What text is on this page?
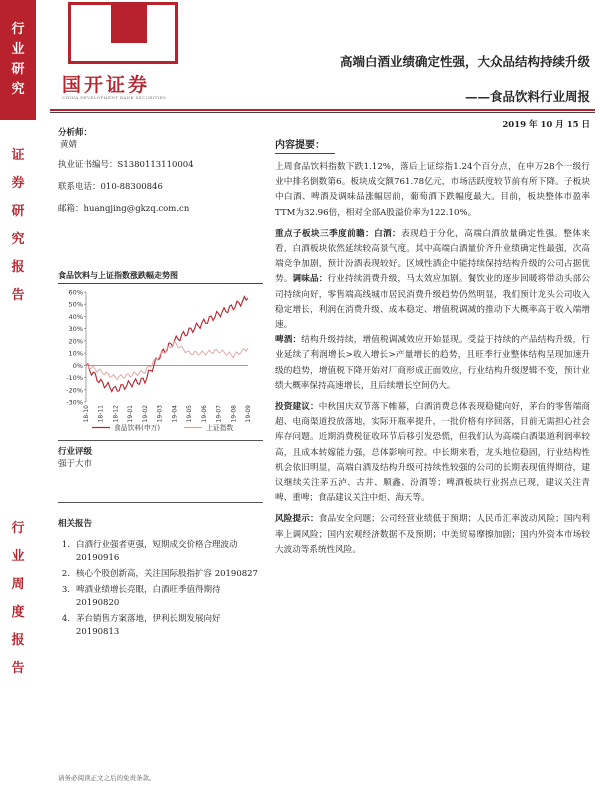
行
业
研
究
证
券
研
究
报
告
行
业
周
度
报
告
国开证券
CHINA DEVELOPMENT BANK SECURITIES
高端白酒业绩确定性强，大众品结构持续升级
——食品饮料行业周报
分析师：
黄婧
执业证书编号：S1380113110004
联系电话：010-88300846
邮箱：huangjing@gkzq.com.cn
食品饮料与上证指数涨跌幅走势图
60%
50%
40%
30%
20%
10%
0%
-10%
-20%
-30%
18-10 18-11 18-12 19-01 19-02 19-03 19-04 19-05 19-06 19-07 19-08 19-09
食品饮料(申万)	上证指数
行业评级
强于大市
相关报告
1. 白酒行业强者更强，短期成交价格合理波动 20190916
2. 核心个股创新高，关注国际股指扩容 20190827
3. 啤酒业绩增长亮眼，白酒旺季值得期待 20190820
4. 茅台销售方案落地，伊利长期发展向好 20190813
2019 年 10 月 15 日
内容提要：
上周食品饮料指数下跌1.12%，落后上证综指1.24个百分点，在申万28个一级行业中排名倒数第6。板块成交额761.78亿元，市场活跃度较节前有所下降。子板块中白酒、啤酒及调味品涨幅居前，葡萄酒下跌幅度最大。目前，板块整体市盈率TTM为32.96倍，相对全部A股溢价率为122.10%。
重点子板块三季度前瞻：白酒：表现趋于分化，高端白酒放量确定性强。整体来看，白酒板块依然延续较高景气度。其中高端白酒量价齐升业绩确定性最强，次高端竞争加剧，预计汾酒表现较好。区域性酒企中能持续保持结构升级的公司占据优势。调味品：行业持续消费升级，马太效应加剧。餐饮业的逐步回暖将带动头部公司持续向好，零售端高线城市居民消费升级趋势仍然明显，我们预计龙头公司收入稳定增长，利润在消费升级、成本稳定、增值税调减的推动下大概率高于收入端增速。
啤酒：结构升级持续，增值税调减效应开始显现。受益于持续的产品结构升级，行业延续了利润增长>收入增长>产量增长的趋势，且旺季行业整体结构呈现加速升级的趋势，增值税下降开始对厂商形成正面效应，行业结构升级逻辑不变，预计业绩大概率保持高速增长，且后续增长空间仍大。
投资建议：中秋国庆双节落下帷幕，白酒消费总体表现稳健向好，茅台的零售端商超、电商渠道投放落地，实际开瓶率提升，一批价格有序回落，目前无需担心社会库存问题。近期消费税征收环节后移引发恐慌，但我们认为高端白酒渠道利润率较高，且成本转嫁能力强，总体影响可控。中长期来看，龙头地位稳固，行业结构性机会依旧明显，高端白酒及结构升级可持续性较强的公司的长期表现值得期待，建议继续关注茅五泸、古井、顺鑫、汾酒等；啤酒板块行业拐点已现，建议关注青啤、重啤；食品建议关注中炬、海天等。
风险提示：食品安全问题；公司经营业绩低于预期；人民币汇率波动风险；国内利率上调风险；国内宏观经济数据不及预期；中美贸易摩擦加剧；国内外资本市场较大波动等系统性风险。
请务必阅读正文之后的免责条款。
